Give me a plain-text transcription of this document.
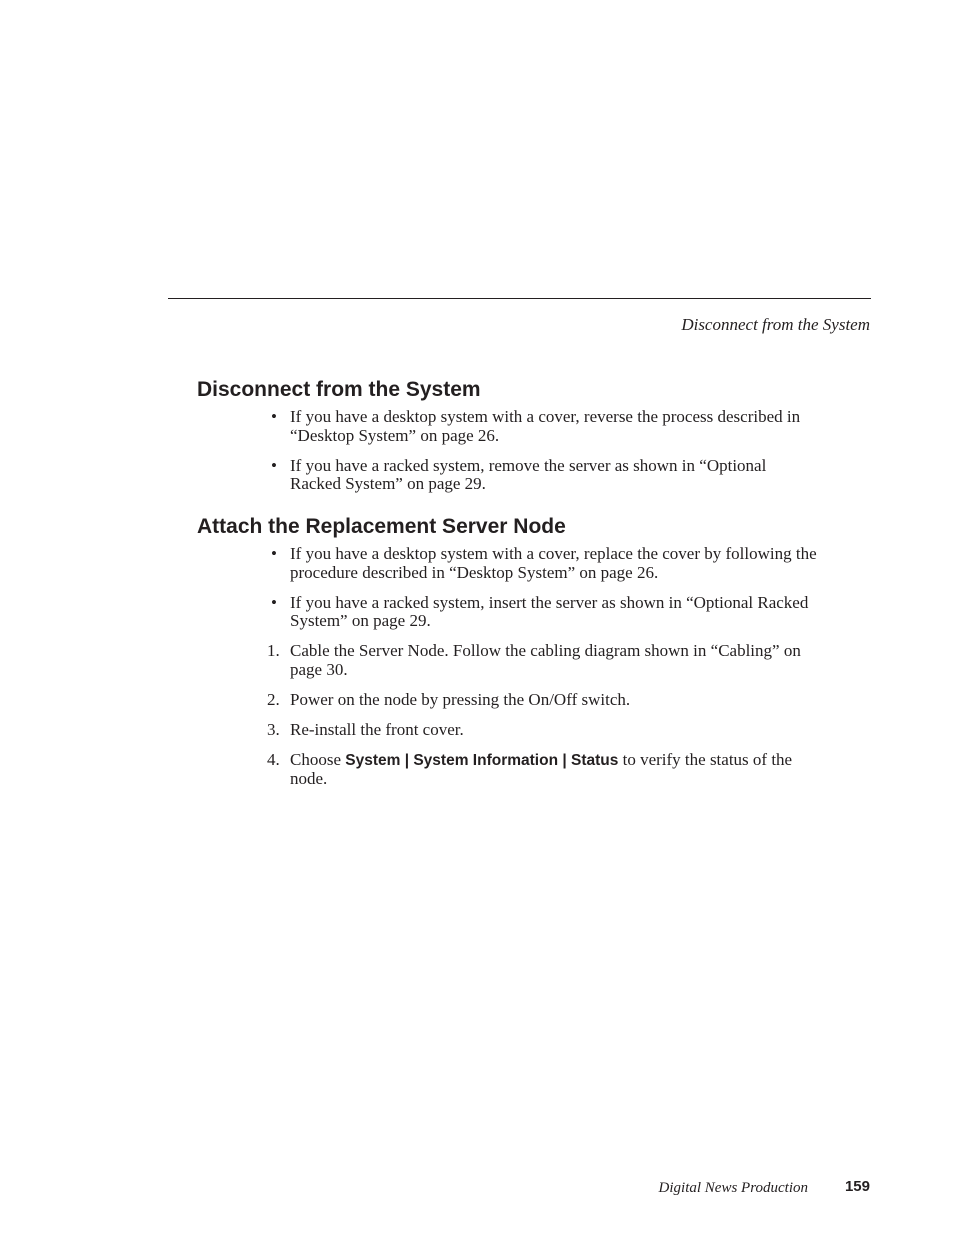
Disconnect from the System
Disconnect from the System
• If you have a desktop system with a cover, reverse the process described in “Desktop System” on page 26.
• If you have a racked system, remove the server as shown in “Optional Racked System” on page 29.
Attach the Replacement Server Node
• If you have a desktop system with a cover, replace the cover by following the procedure described in “Desktop System” on page 26.
• If you have a racked system, insert the server as shown in “Optional Racked System” on page 29.
1. Cable the Server Node. Follow the cabling diagram shown in “Cabling” on page 30.
2. Power on the node by pressing the On/Off switch.
3. Re-install the front cover.
4. Choose System | System Information | Status to verify the status of the node.
Digital News Production 159
